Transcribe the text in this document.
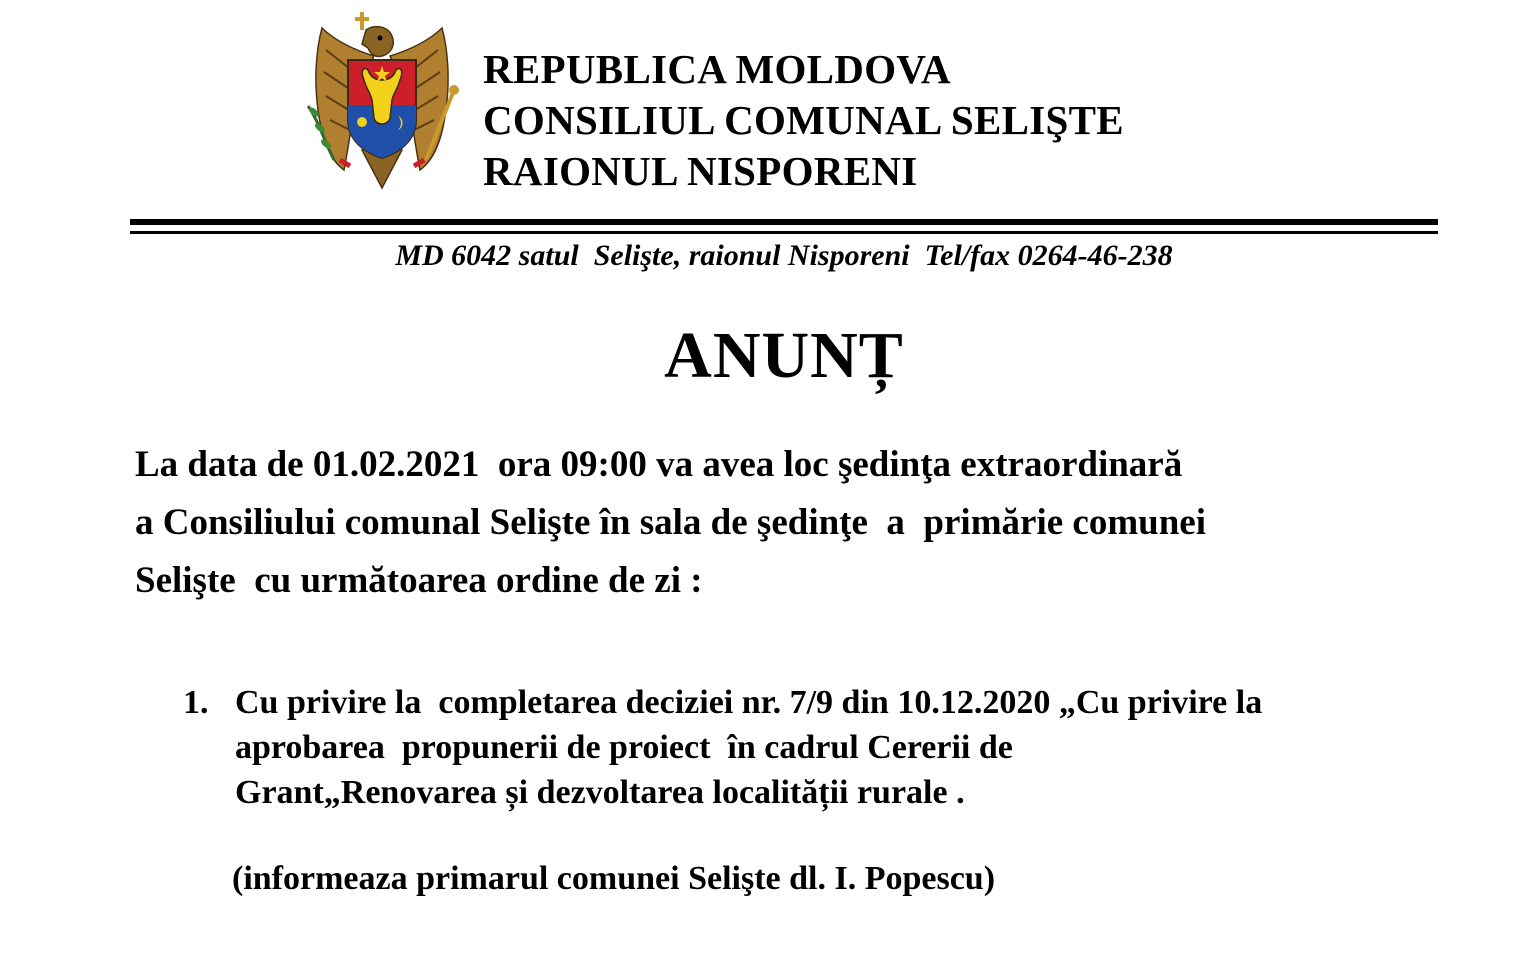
REPUBLICA MOLDOVA
CONSILIUL COMUNAL SELIŞTE
RAIONUL NISPORENI
MD 6042 satul  Selişte, raionul Nisporeni  Tel/fax 0264-46-238
ANUNȚ
La data de 01.02.2021  ora 09:00 va avea loc şedinţa extraordinară
a Consiliului comunal Selişte în sala de şedinţe  a  primărie comunei
Selişte  cu următoarea ordine de zi :
1. Cu privire la  completarea deciziei nr. 7/9 din 10.12.2020 „Cu privire la
aprobarea  propunerii de proiect  în cadrul Cererii de
Grant„Renovarea și dezvoltarea localității rurale .
(informeaza primarul comunei Selişte dl. I. Popescu)
